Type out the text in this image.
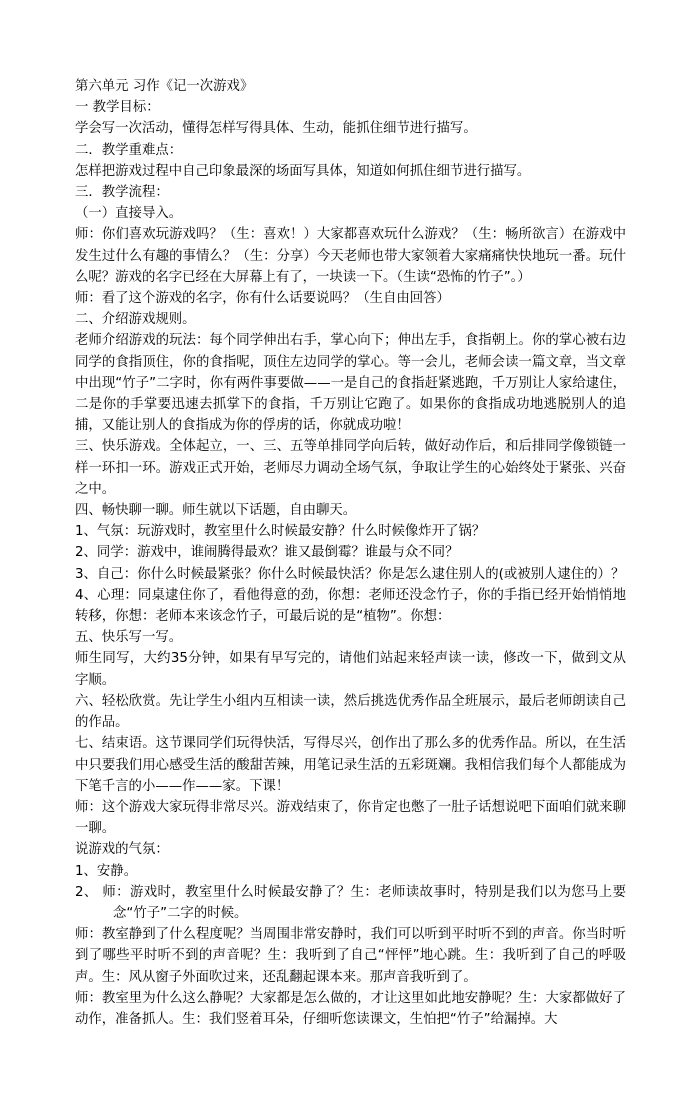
第六单元 习作《记一次游戏》

一 教学目标：

学会写一次活动，懂得怎样写得具体、生动，能抓住细节进行描写。

二．教学重难点：

怎样把游戏过程中自己印象最深的场面写具体，知道如何抓住细节进行描写。

三．教学流程：

（一）直接导入。

师：你们喜欢玩游戏吗？（生：喜欢！）大家都喜欢玩什么游戏？（生：畅所欲言）在游戏中发生过什么有趣的事情么？（生：分享）今天老师也带大家领着大家痛痛快快地玩一番。玩什么呢？游戏的名字已经在大屏幕上有了，一块读一下。（生读“恐怖的竹子”。）

师：看了这个游戏的名字，你有什么话要说吗？（生自由回答）

二、介绍游戏规则。

老师介绍游戏的玩法：每个同学伸出右手，掌心向下；伸出左手，食指朝上。你的掌心被右边同学的食指顶住，你的食指呢，顶住左边同学的掌心。等一会儿，老师会读一篇文章，当文章中出现“竹子”二字时，你有两件事要做——一是自己的食指赶紧逃跑，千万别让人家给逮住，二是你的手掌要迅速去抓掌下的食指，千万别让它跑了。如果你的食指成功地逃脱别人的追捕，又能让别人的食指成为你的俘虏的话，你就成功啦！

三、快乐游戏。全体起立，一、三、五等单排同学向后转，做好动作后，和后排同学像锁链一样一环扣一环。游戏正式开始，老师尽力调动全场气氛，争取让学生的心始终处于紧张、兴奋之中。

四、畅快聊一聊。师生就以下话题，自由聊天。

1、气氛：玩游戏时，教室里什么时候最安静？什么时候像炸开了锅？

2、同学：游戏中，谁闹腾得最欢？谁又最倒霉？谁最与众不同？

3、自己：你什么时候最紧张？你什么时候最快活？你是怎么逮住别人的(或被别人逮住的）？

4、心理：同桌逮住你了，看他得意的劲，你想：老师还没念竹子，你的手指已经开始悄悄地转移，你想：老师本来该念竹子，可最后说的是“植物”。你想：

五、快乐写一写。

师生同写，大约35分钟，如果有早写完的，请他们站起来轻声读一读，修改一下，做到文从字顺。

六、轻松欣赏。先让学生小组内互相读一读，然后挑选优秀作品全班展示，最后老师朗读自己的作品。

七、结束语。这节课同学们玩得快活，写得尽兴，创作出了那么多的优秀作品。所以，在生活中只要我们用心感受生活的酸甜苦辣，用笔记录生活的五彩斑斓。我相信我们每个人都能成为下笔千言的小——作——家。下课！

师：这个游戏大家玩得非常尽兴。游戏结束了，你肯定也憋了一肚子话想说吧下面咱们就来聊一聊。

说游戏的气氛：

1、安静。

2、 师：游戏时，教室里什么时候最安静了？生：老师读故事时，特别是我们以为您马上要念“竹子”二字的时候。

师：教室静到了什么程度呢？当周围非常安静时，我们可以听到平时听不到的声音。你当时听到了哪些平时听不到的声音呢？生：我听到了自己“怦怦”地心跳。生：我听到了自己的呼吸声。生：风从窗子外面吹过来，还乱翻起课本来。那声音我听到了。

师：教室里为什么这么静呢？大家都是怎么做的，才让这里如此地安静呢？生：大家都做好了动作，准备抓人。生：我们竖着耳朵，仔细听您读课文，生怕把“竹子”给漏掉。大
